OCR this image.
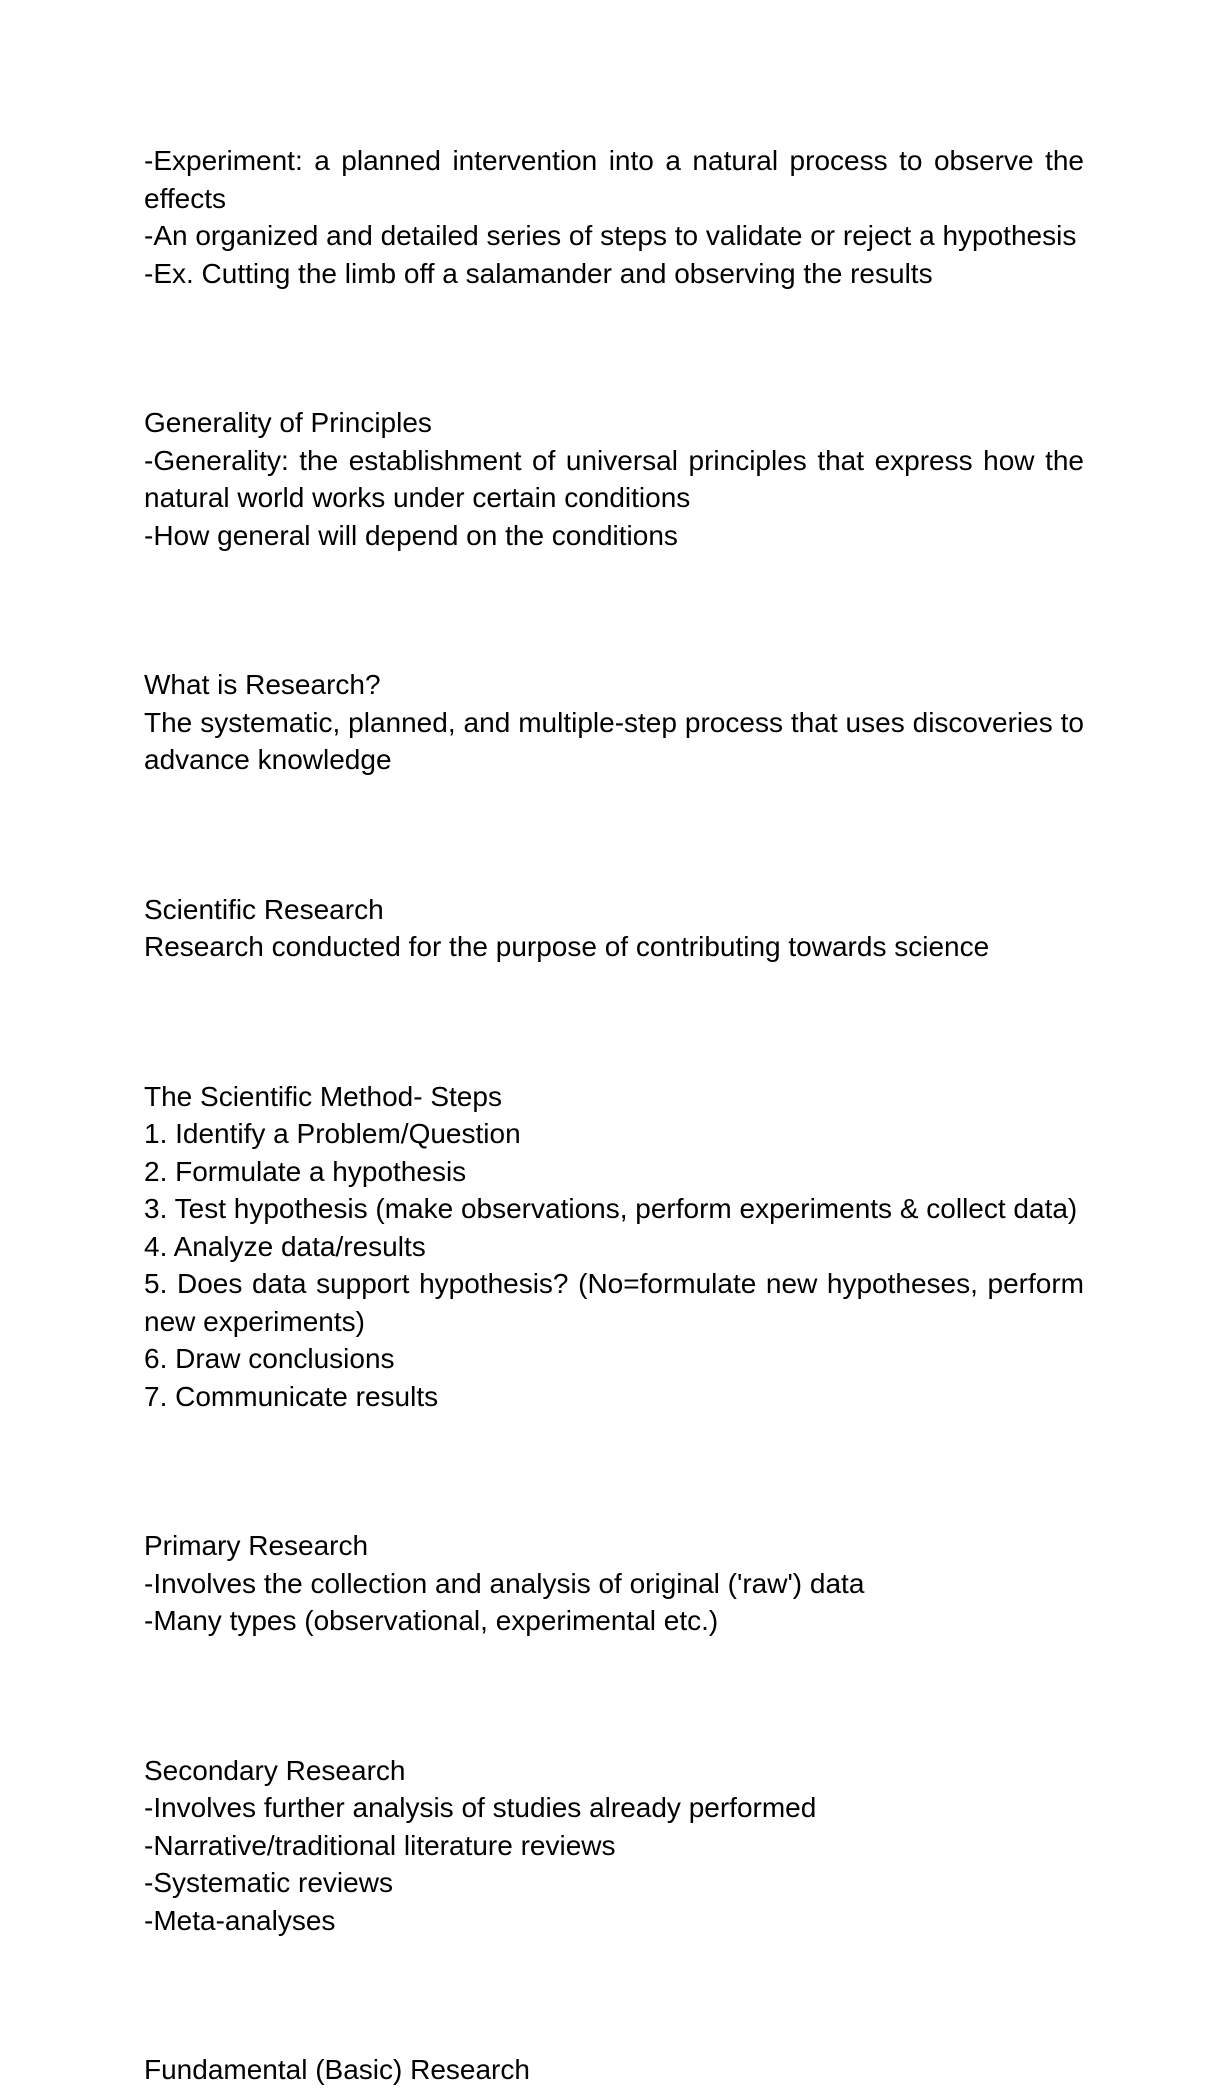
-Experiment: a planned intervention into a natural process to observe the effects

-An organized and detailed series of steps to validate or reject a hypothesis

-Ex. Cutting the limb off a salamander and observing the results

Generality of Principles

-Generality: the establishment of universal principles that express how the natural world works under certain conditions

-How general will depend on the conditions

What is Research?

The systematic, planned, and multiple-step process that uses discoveries to advance knowledge

Scientific Research

Research conducted for the purpose of contributing towards science

The Scientific Method- Steps

1. Identify a Problem/Question

2. Formulate a hypothesis

3. Test hypothesis (make observations, perform experiments & collect data)

4. Analyze data/results

5. Does data support hypothesis? (No=formulate new hypotheses, perform new experiments)

6. Draw conclusions

7. Communicate results

Primary Research

-Involves the collection and analysis of original ('raw') data

-Many types (observational, experimental etc.)

Secondary Research

-Involves further analysis of studies already performed

-Narrative/traditional literature reviews

-Systematic reviews

-Meta-analyses

Fundamental (Basic) Research
